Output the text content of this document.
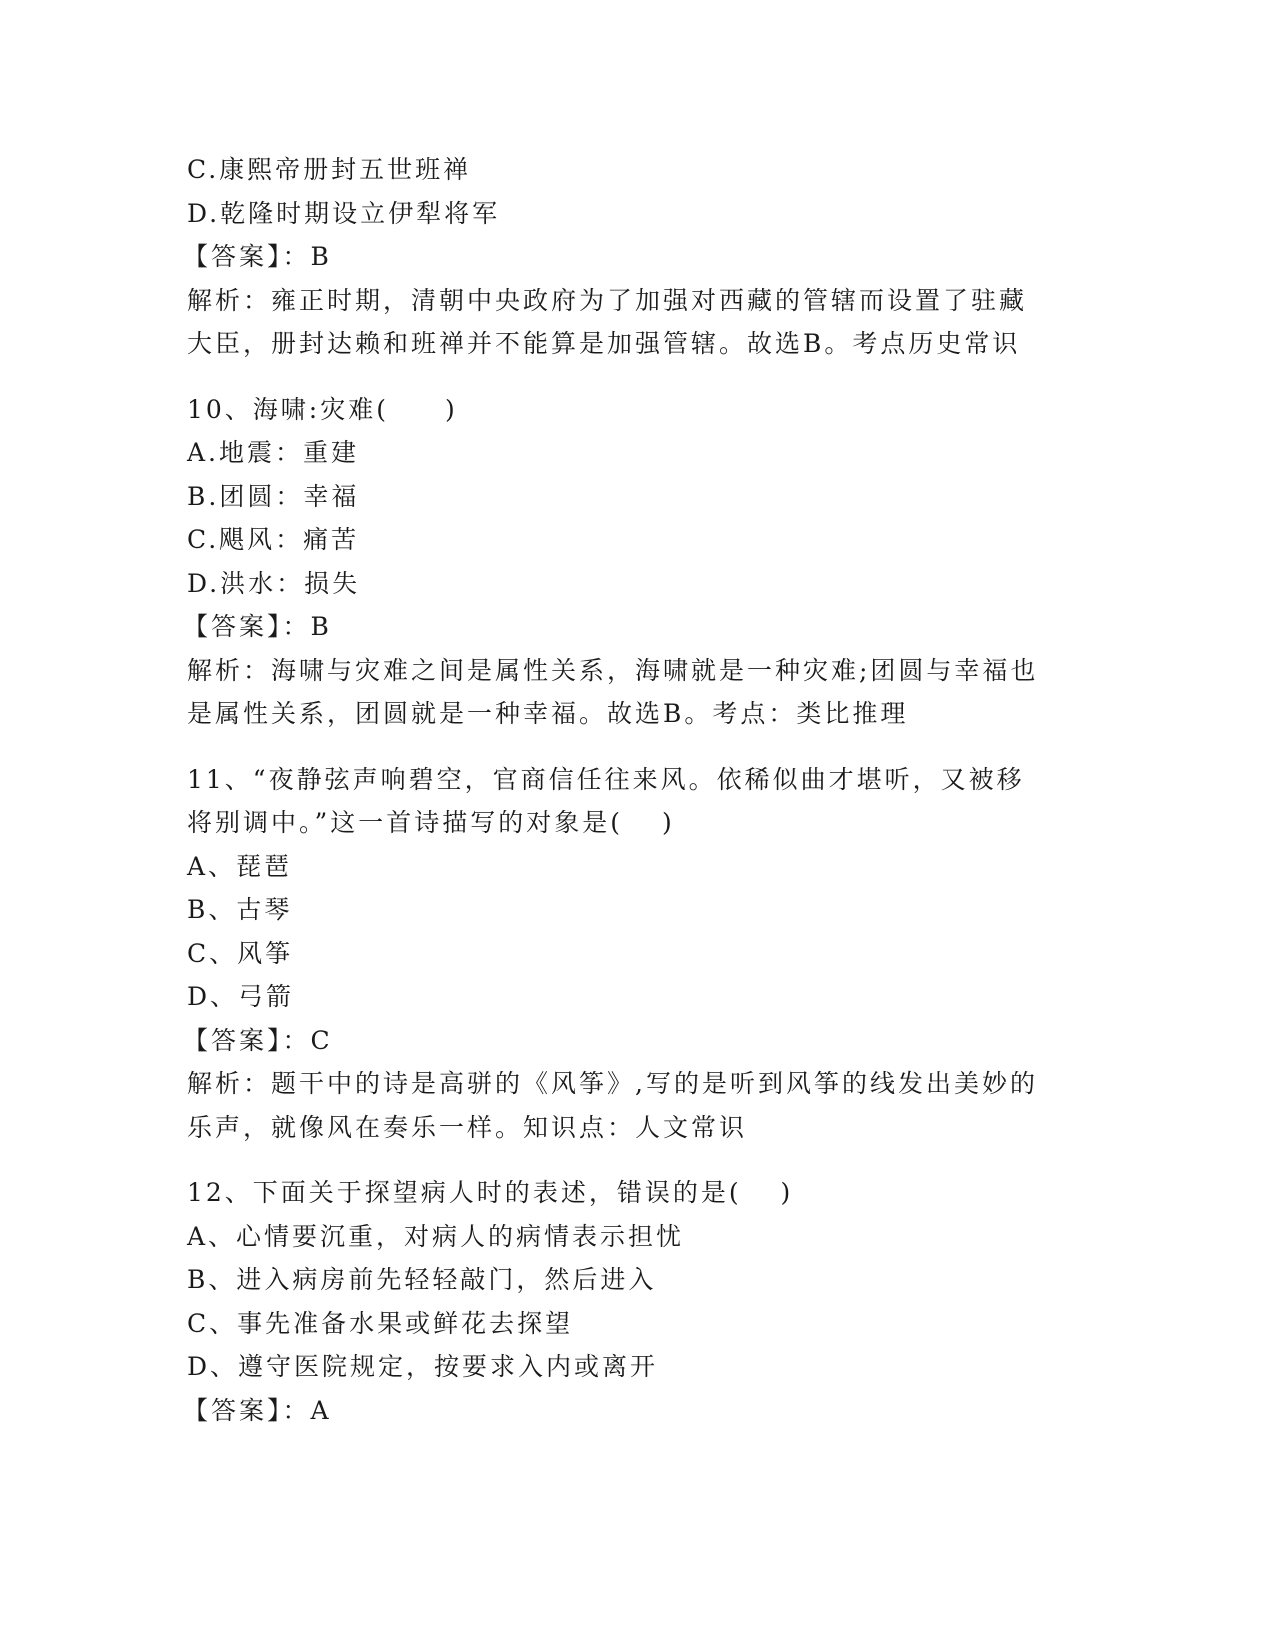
C.康熙帝册封五世班禅
D.乾隆时期设立伊犁将军
【答案】：B
解析：雍正时期，清朝中央政府为了加强对西藏的管辖而设置了驻藏
大臣，册封达赖和班禅并不能算是加强管辖。故选B。考点历史常识
10、海啸:灾难(　　)
A.地震：重建
B.团圆：幸福
C.飓风：痛苦
D.洪水：损失
【答案】：B
解析：海啸与灾难之间是属性关系，海啸就是一种灾难;团圆与幸福也
是属性关系，团圆就是一种幸福。故选B。考点：类比推理
11、“夜静弦声响碧空，官商信任往来风。依稀似曲才堪听，又被移
将别调中。”这一首诗描写的对象是(　 )
A、琵琶
B、古琴
C、风筝
D、弓箭
【答案】：C
解析：题干中的诗是高骈的《风筝》,写的是听到风筝的线发出美妙的
乐声，就像风在奏乐一样。知识点：人文常识
12、下面关于探望病人时的表述，错误的是(　 )
A、心情要沉重，对病人的病情表示担忧
B、进入病房前先轻轻敲门，然后进入
C、事先准备水果或鲜花去探望
D、遵守医院规定，按要求入内或离开
【答案】：A
